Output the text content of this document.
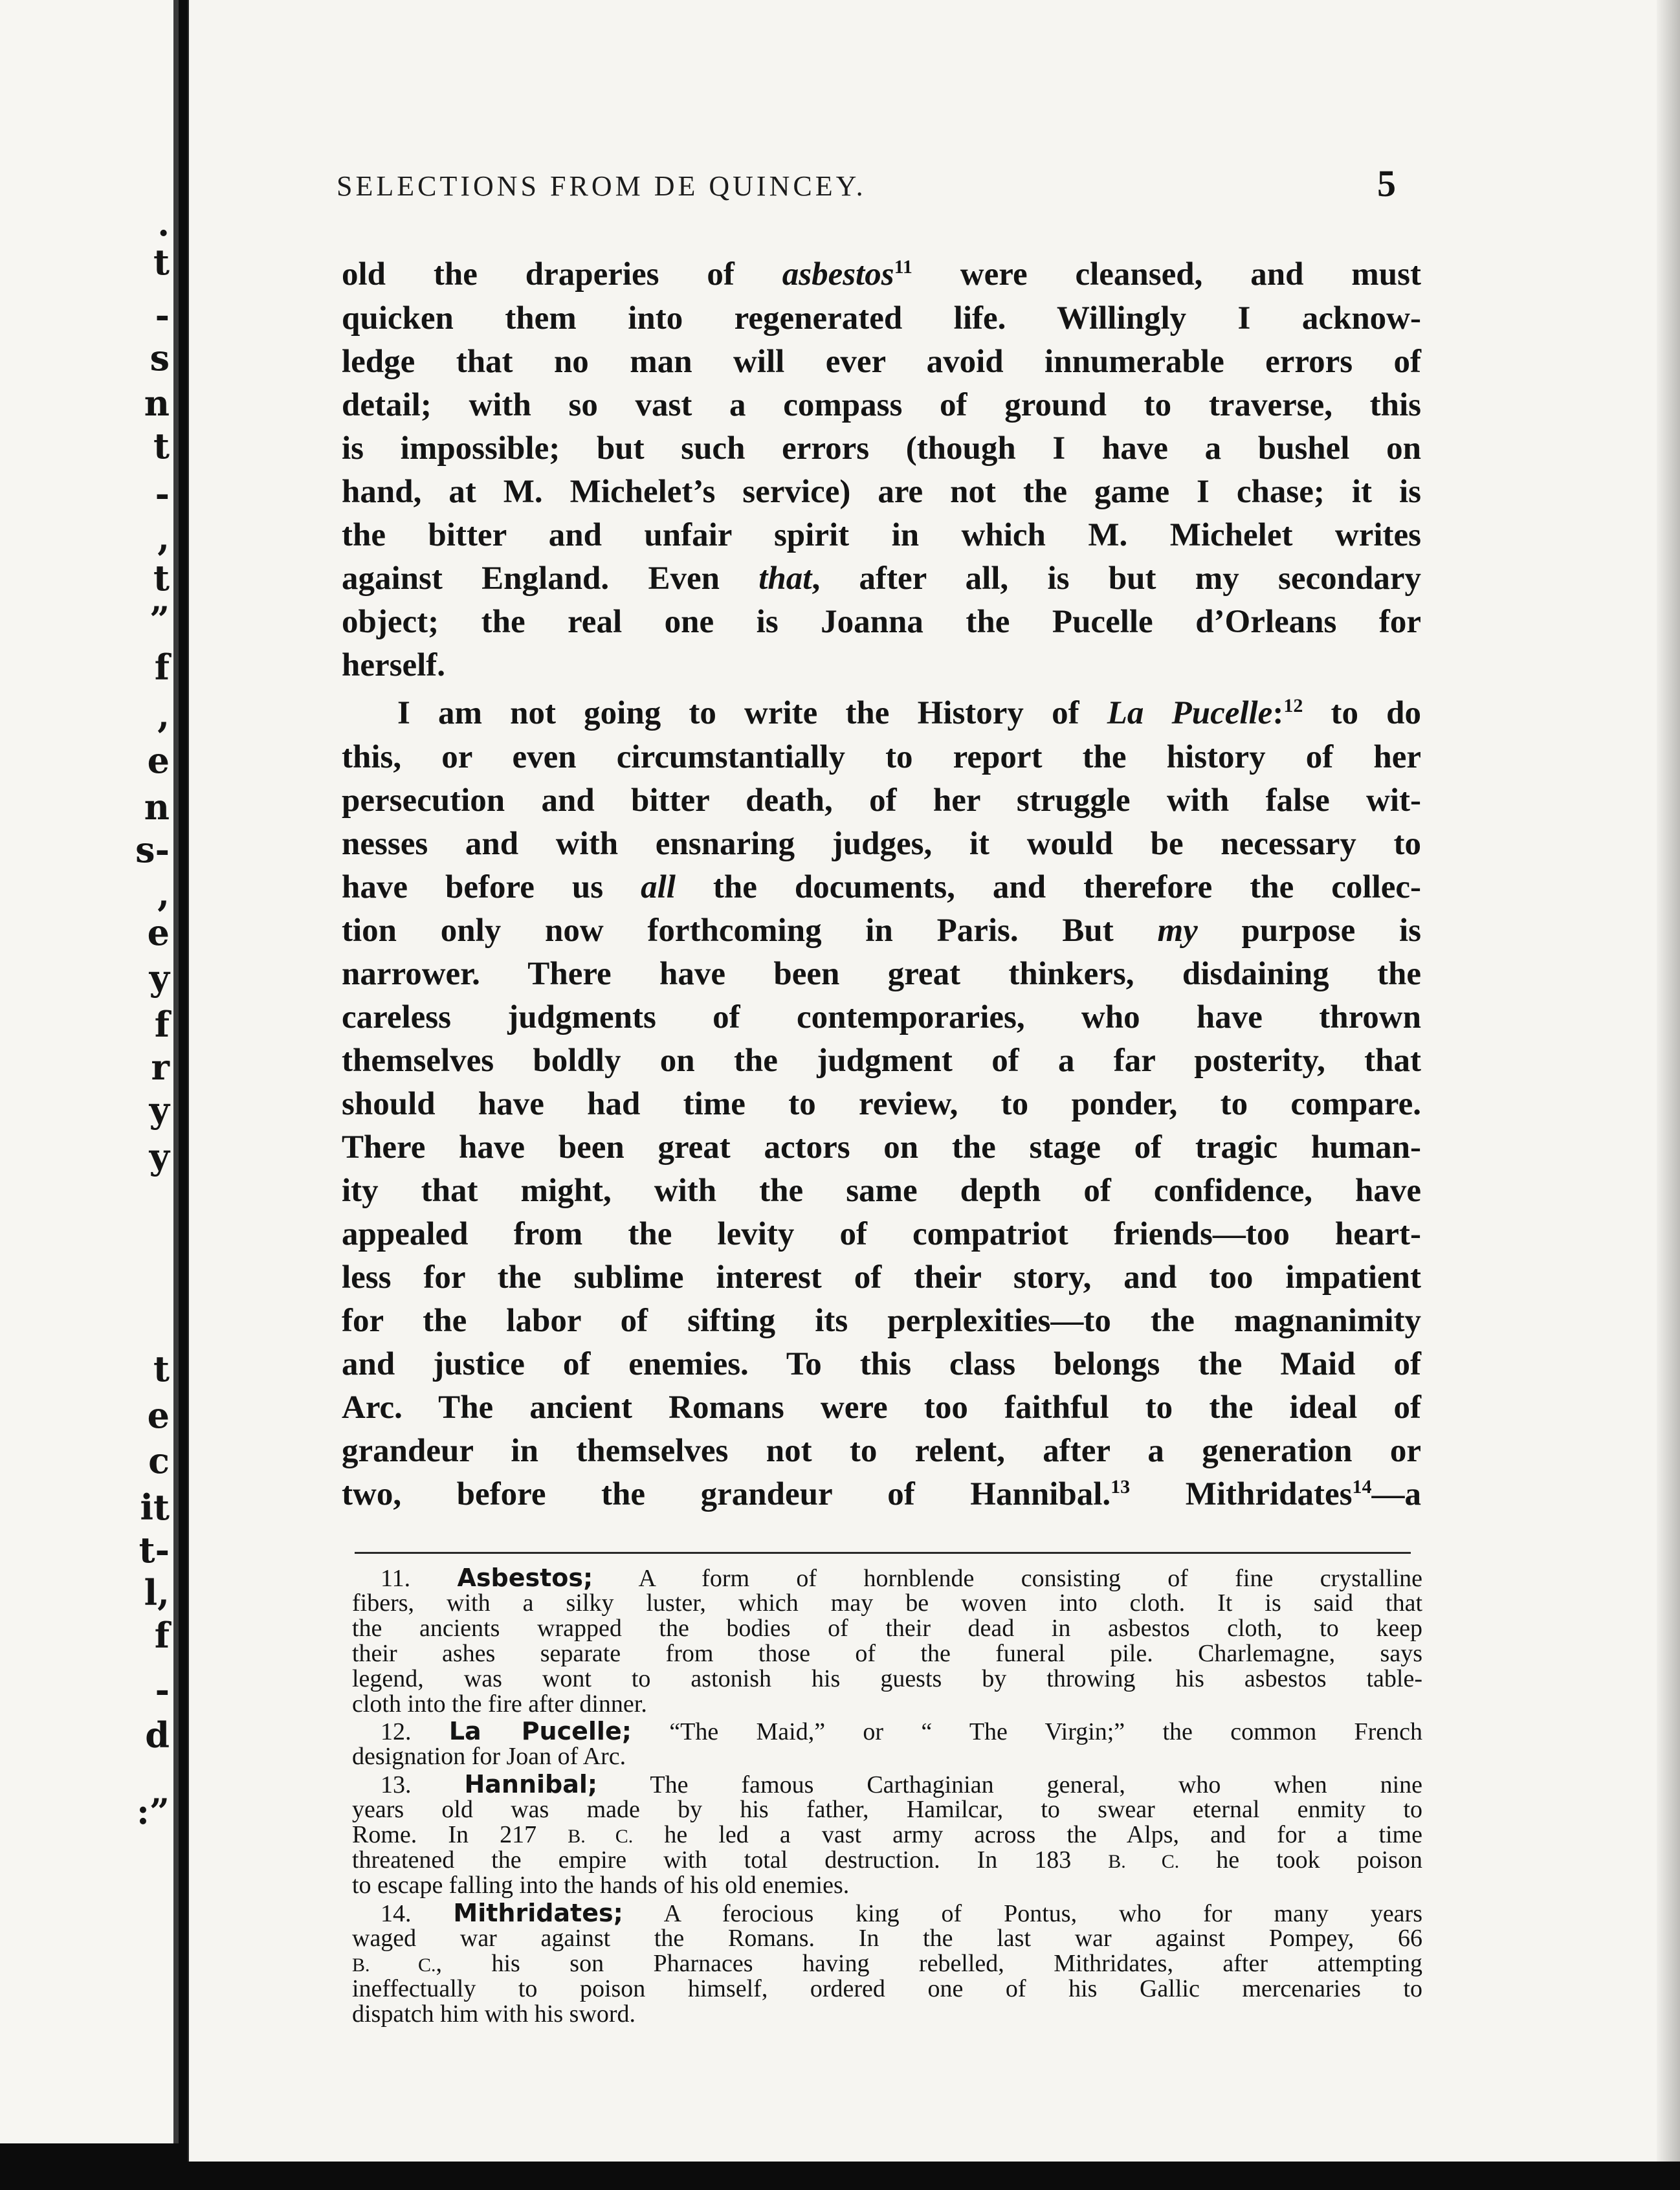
.
t
-
s
n
t
-
,
t
”
f
,
e
n
s-
,
e
y
f
r
y
y
t
e
c
it
t-
l,
f
-
d
:”
SELECTIONS FROM DE QUINCEY.	5
old the draperies of asbestos$^{11}$ were cleansed, and must
quicken them into regenerated life. Willingly I acknow-
ledge that no man will ever avoid innumerable errors of
detail; with so vast a compass of ground to traverse, this
is impossible; but such errors (though I have a bushel on
hand, at M. Michelet’s service) are not the game I chase; it is
the bitter and unfair spirit in which M. Michelet writes
against England. Even that, after all, is but my secondary
object; the real one is Joanna the Pucelle d’Orleans for
herself.
I am not going to write the History of La Pucelle:$^{12}$ to do
this, or even circumstantially to report the history of her
persecution and bitter death, of her struggle with false wit-
nesses and with ensnaring judges, it would be necessary to
have before us all the documents, and therefore the collec-
tion only now forthcoming in Paris. But my purpose is
narrower. There have been great thinkers, disdaining the
careless judgments of contemporaries, who have thrown
themselves boldly on the judgment of a far posterity, that
should have had time to review, to ponder, to compare.
There have been great actors on the stage of tragic human-
ity that might, with the same depth of confidence, have
appealed from the levity of compatriot friends—too heart-
less for the sublime interest of their story, and too impatient
for the labor of sifting its perplexities—to the magnanimity
and justice of enemies. To this class belongs the Maid of
Arc. The ancient Romans were too faithful to the ideal of
grandeur in themselves not to relent, after a generation or
two, before the grandeur of Hannibal.$^{13}$ Mithridates$^{14}$—a
11. Asbestos; A form of hornblende consisting of fine crystalline
fibers, with a silky luster, which may be woven into cloth. It is said that
the ancients wrapped the bodies of their dead in asbestos cloth, to keep
their ashes separate from those of the funeral pile. Charlemagne, says
legend, was wont to astonish his guests by throwing his asbestos table-
cloth into the fire after dinner.
12. La Pucelle; “The Maid,” or “ The Virgin;” the common French
designation for Joan of Arc.
13. Hannibal; The famous Carthaginian general, who when nine
years old was made by his father, Hamilcar, to swear eternal enmity to
Rome. In 217 B. C. he led a vast army across the Alps, and for a time
threatened the empire with total destruction. In 183 B. C. he took poison
to escape falling into the hands of his old enemies.
14. Mithridates; A ferocious king of Pontus, who for many years
waged war against the Romans. In the last war against Pompey, 66
B. C., his son Pharnaces having rebelled, Mithridates, after attempting
ineffectually to poison himself, ordered one of his Gallic mercenaries to
dispatch him with his sword.
